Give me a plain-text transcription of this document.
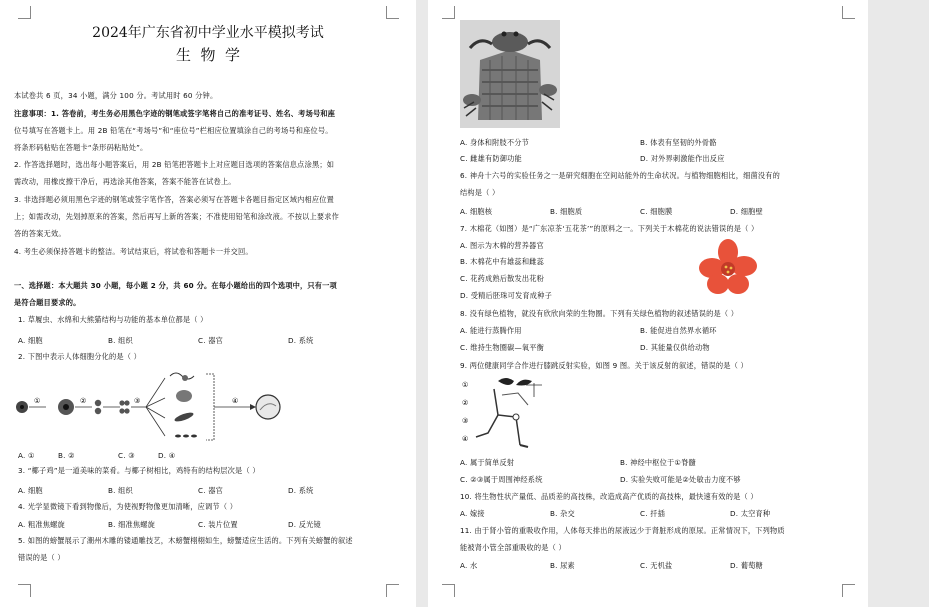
2024年广东省初中学业水平模拟考试
生  物  学
本试卷共 6 页，34 小题，满分 100 分。考试用时 60 分钟。
注意事项：1. 答卷前，考生务必用黑色字迹的钢笔或签字笔将自己的准考证号、姓名、考场号和座
位号填写在答题卡上。用 2B 铅笔在“考场号”和“座位号”栏相应位置填涂自己的考场号和座位号。
将条形码粘贴在答题卡“条形码粘贴处”。
2. 作答选择题时，选出每小题答案后，用 2B 铅笔把答题卡上对应题目选项的答案信息点涂黑；如
需改动，用橡皮擦干净后，再选涂其他答案，答案不能答在试卷上。
3. 非选择题必须用黑色字迹的钢笔或签字笔作答，答案必须写在答题卡各题目指定区域内相应位置
上；如需改动，先划掉原来的答案，然后再写上新的答案；不准使用铅笔和涂改液。不按以上要求作
答的答案无效。
4. 考生必须保持答题卡的整洁。考试结束后，将试卷和答题卡一并交回。
一、选择题：本大题共 30 小题，每小题 2 分，共 60 分。在每小题给出的四个选项中，只有一项
是符合题目要求的。
1. 草履虫、水绵和大熊猫结构与功能的基本单位都是（ ）
A. 细胞	B. 组织	C. 器官	D. 系统
2. 下图中表示人体细胞分化的是（ ）
①	②	③	④
A. ①	B. ②	C. ③	D. ④
3. “椰子鸡”是一道美味的菜肴。与椰子树相比，鸡特有的结构层次是（ ）
A. 细胞	B. 组织	C. 器官	D. 系统
4. 光学显微镜下看到物像后，为使视野物像更加清晰，应调节（ ）
A. 粗准焦螺旋	B. 细准焦螺旋	C. 装片位置	D. 反光镜
5. 如图的螃蟹展示了潮州木雕的镂通雕技艺，木螃蟹栩栩如生，螃蟹适应生活的。下列有关螃蟹的叙述
错误的是（ ）
A. 身体和附肢不分节	B. 体表有坚韧的外骨骼
C. 雌雄有防御功能	D. 对外界刺激能作出反应
6. 神舟十六号的实验任务之一是研究细胞在空间站能外的生命状况。与植物细胞相比，细菌没有的
结构是（ ）
A. 细胞核	B. 细胞质	C. 细胞膜	D. 细胞壁
7. 木棉花（如图）是“广东凉茶‘五花茶’”的原料之一。下列关于木棉花的说法错误的是（ ）
A. 图示为木棉的营养器官
B. 木棉花中有雄蕊和雌蕊
C. 花药成熟后散发出花粉
D. 受精后胚珠可发育成种子
8. 没有绿色植物，就没有欣欣向荣的生物圈。下列有关绿色植物的叙述错误的是（ ）
A. 能进行蒸腾作用	B. 能促进自然界水循环
C. 维持生物圈碳—氧平衡	D. 其能量仅供给动物
9. 两位健康同学合作进行膝跳反射实验，如图 9 图。关于该反射的叙述，错误的是（ ）
①
②
③
④
A. 属于简单反射	B. 神经中枢位于①脊髓
C. ②③属于周围神经系统	D. 实验失败可能是②处敏击力度不够
10. 将生物性状产量低、品质差的高技株，改造成高产优质的高技株，最快速有效的是（ ）
A. 嫁接	B. 杂交	C. 扦插	D. 太空育种
11. 由于肾小管的重吸收作用，人体每天排出的尿液远少于肾脏形成的原尿。正常情况下，下列物质
能被肾小管全部重吸收的是（ ）
A. 水	B. 尿素	C. 无机盐	D. 葡萄糖
